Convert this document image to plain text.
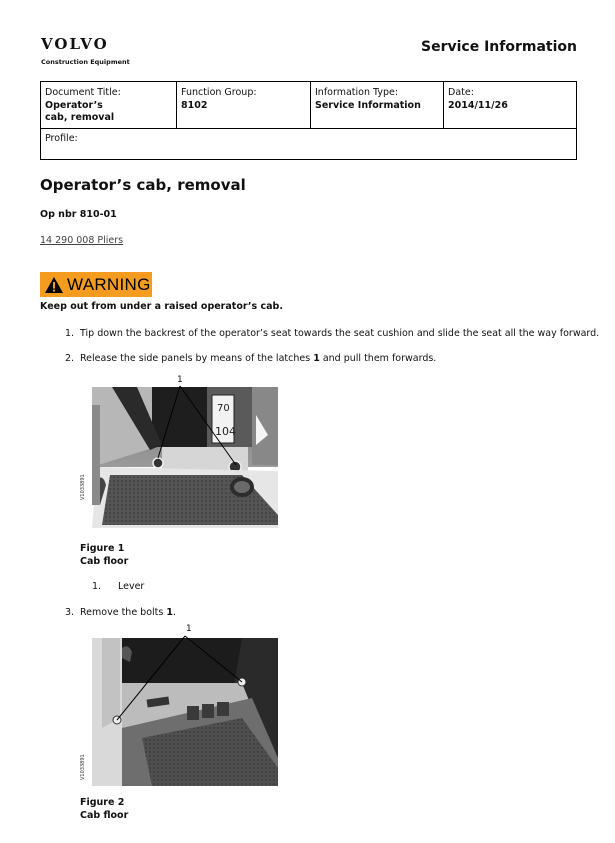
VOLVO
Construction Equipment
Service Information
Document Title:
Operator’s
cab, removal
Function Group:
8102
Information Type:
Service Information
Date:
2014/11/26
Profile:
Operator’s cab, removal
Op nbr 810-01
14 290 008 Pliers
WARNING
Keep out from under a raised operator’s cab.
1. Tip down the backrest of the operator’s seat towards the seat cushion and slide the seat all the way forward.
2. Release the side panels by means of the latches 1 and pull them forwards.
70
104
1
V1033891
Figure 1
Cab floor
1. Lever
3. Remove the bolts 1.
1
V1033891
Figure 2
Cab floor
